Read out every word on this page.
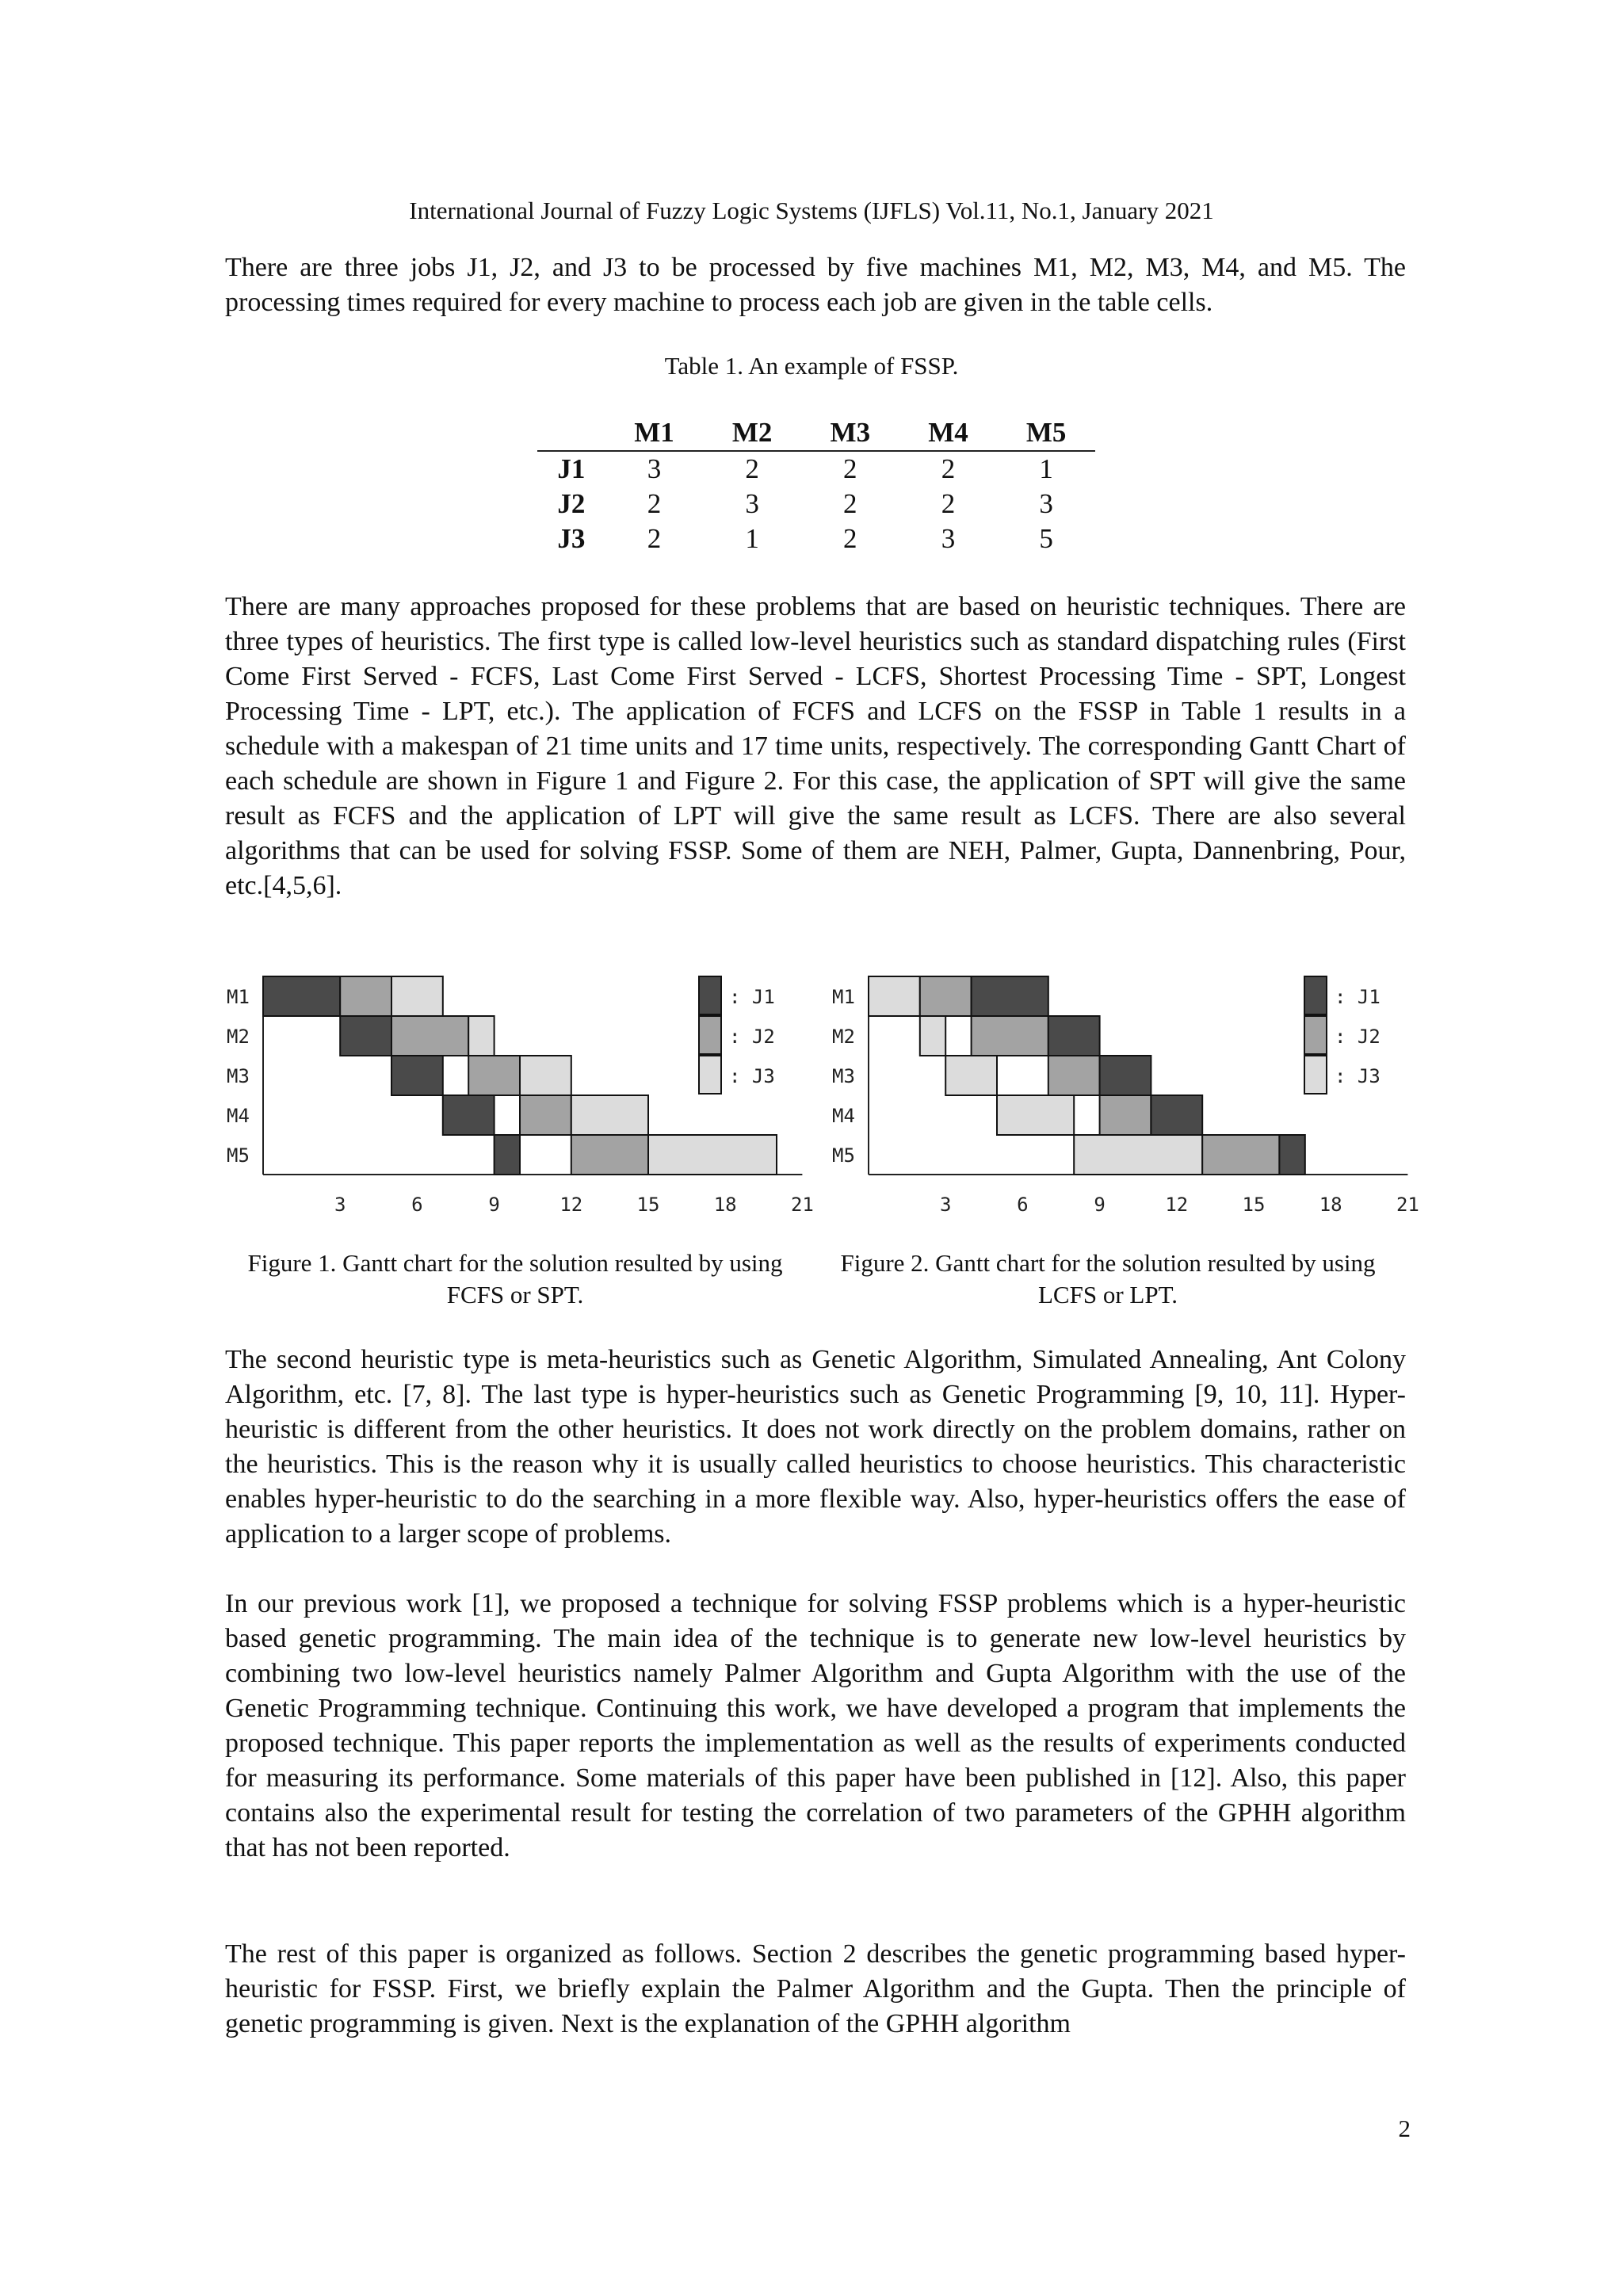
International Journal of Fuzzy Logic Systems (IJFLS) Vol.11, No.1, January 2021
There are three jobs J1, J2, and J3 to be processed by five machines M1, M2, M3, M4, and M5. The processing times required for every machine to process each job are given in the table cells.
Table 1. An example of FSSP.
	M1	M2	M3	M4	M5
J1	3	2	2	2	1
J2	2	3	2	2	3
J3	2	1	2	3	5
There are many approaches proposed for these problems that are based on heuristic techniques. There are three types of heuristics. The first type is called low-level heuristics such as standard dispatching rules (First Come First Served - FCFS, Last Come First Served - LCFS, Shortest Processing Time - SPT, Longest Processing Time - LPT, etc.). The application of FCFS and LCFS on the FSSP in Table 1 results in a schedule with a makespan of 21 time units and 17 time units, respectively. The corresponding Gantt Chart of each schedule are shown in Figure 1 and Figure 2. For this case, the application of SPT will give the same result as FCFS and the application of LPT will give the same result as LCFS. There are also several algorithms that can be used for solving FSSP. Some of them are NEH, Palmer, Gupta, Dannenbring, Pour, etc.[4,5,6].
M1
M2
M3
M4
M5
3	6	9	12	15	18	21
: J1
: J2
: J3
M1
M2
M3
M4
M5
3	6	9	12	15	18	21
: J1
: J2
: J3
Figure 1. Gantt chart for the solution resulted by using FCFS or SPT.
Figure 2. Gantt chart for the solution resulted by using LCFS or LPT.
The second heuristic type is meta-heuristics such as Genetic Algorithm, Simulated Annealing, Ant Colony Algorithm, etc. [7, 8]. The last type is hyper-heuristics such as Genetic Programming [9, 10, 11]. Hyper-heuristic is different from the other heuristics. It does not work directly on the problem domains, rather on the heuristics. This is the reason why it is usually called heuristics to choose heuristics. This characteristic enables hyper-heuristic to do the searching in a more flexible way. Also, hyper-heuristics offers the ease of application to a larger scope of problems.
In our previous work [1], we proposed a technique for solving FSSP problems which is a hyper-heuristic based genetic programming. The main idea of the technique is to generate new low-level heuristics by combining two low-level heuristics namely Palmer Algorithm and Gupta Algorithm with the use of the Genetic Programming technique. Continuing this work, we have developed a program that implements the proposed technique. This paper reports the implementation as well as the results of experiments conducted for measuring its performance. Some materials of this paper have been published in [12]. Also, this paper contains also the experimental result for testing the correlation of two parameters of the GPHH algorithm that has not been reported.
The rest of this paper is organized as follows. Section 2 describes the genetic programming based hyper-heuristic for FSSP. First, we briefly explain the Palmer Algorithm and the Gupta. Then the principle of genetic programming is given. Next is the explanation of the GPHH algorithm
2
